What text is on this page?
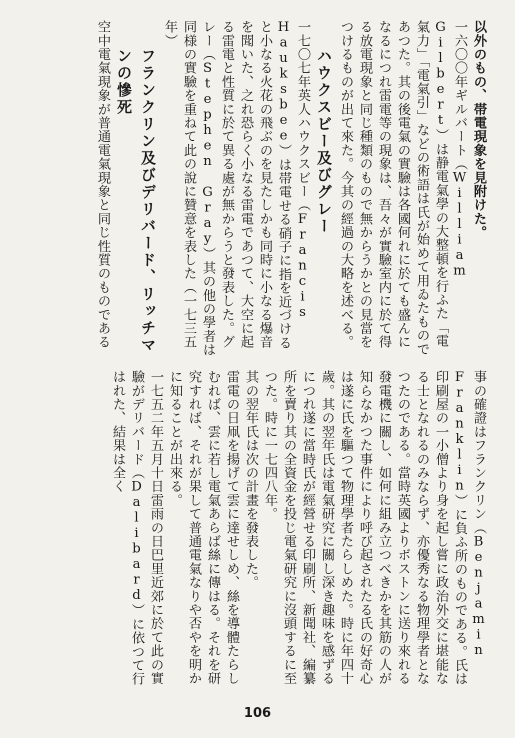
以外のもの、帯電現象を見附けた。

一六〇〇年ギルバート（William Gilbert）は静電氣學の大整頓を行ふた「電氣力」「電氣引」などの術語は氏が始めて用ゐたものであつた。其の後電氣の實驗は各國何れに於ても盛んになるにつれ雷電等の現象は、吾々が實驗室内に於て得る放電現象と同じ種類のもので無からうかとの見當をつけるものが出て來た。今其の經過の大略を述べる。

ハウクスビー及びグレー

一七〇七年英人ハウクスビー（Francis Hauksbee）は帯電せる硝子に指を近づけると小なる火花の飛ぶのを見たしかも同時に小なる爆音を聞いた、之れ恐らく小なる雷電であつて、大空に起る雷電と性質に於て異る處が無からうと發表した。グレー（Stephen Gray）其の他の學者は同様の實驗を重ねて此の說に贊意を表した（一七三五年）

フランクリン及びデリバード、リッチマンの慘死

空中電氣現象が普通電氣現象と同じ性質のものである

事の確證はフランクリン（Benjamin Franklin）に負ふ所のものである。氏は印刷屋の一小僧より身を起し嘗に政治外交に堪能なる士となれるのみならず、亦優秀なる物理學者となつたのである。當時英國よりボストンに送り來れる發電機に關し、如何に組み立つべきかを其筋の人が知らなかつた事件により呼び起されたる氏の好奇心は遂に氏を驅つて物理學者たらしめた。時に年四十歲。其の翌年氏は電氣研究に關し深き趣味を感ずるにつれ遂に當時氏が經營せる印刷所、新聞社、編纂所を賣り其の全資金を投じ電氣研究に沒頭するに至つた。時に一七四八年。

其の翌年氏は次の計畫を發表した。

雷電の日凧を揚げて雲に達せしめ、絲を導體たらしむれば、雲に若し電氣あらば絲に傳はる。それを研究すれば、それが果して普通電氣なりや否やを明かに知ることが出來る。

一七五二年五月十日雷雨の日巴里近郊に於て此の實驗がデリバード（Dalibard）に依つて行はれた、結果は全く

106
